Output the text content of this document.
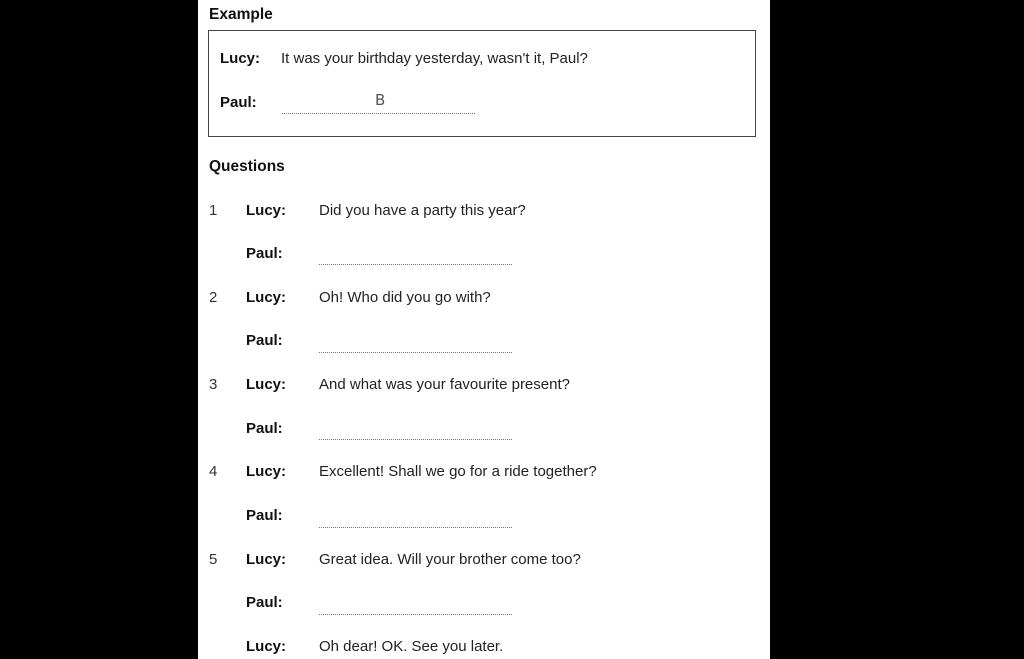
Example
Lucy: It was your birthday yesterday, wasn't it, Paul?
Paul:	B
Questions
1 Lucy: Did you have a party this year?
Paul:
2 Lucy: Oh! Who did you go with?
Paul:
3 Lucy: And what was your favourite present?
Paul:
4 Lucy: Excellent! Shall we go for a ride together?
Paul:
5 Lucy: Great idea. Will your brother come too?
Paul:
Lucy: Oh dear! OK. See you later.
